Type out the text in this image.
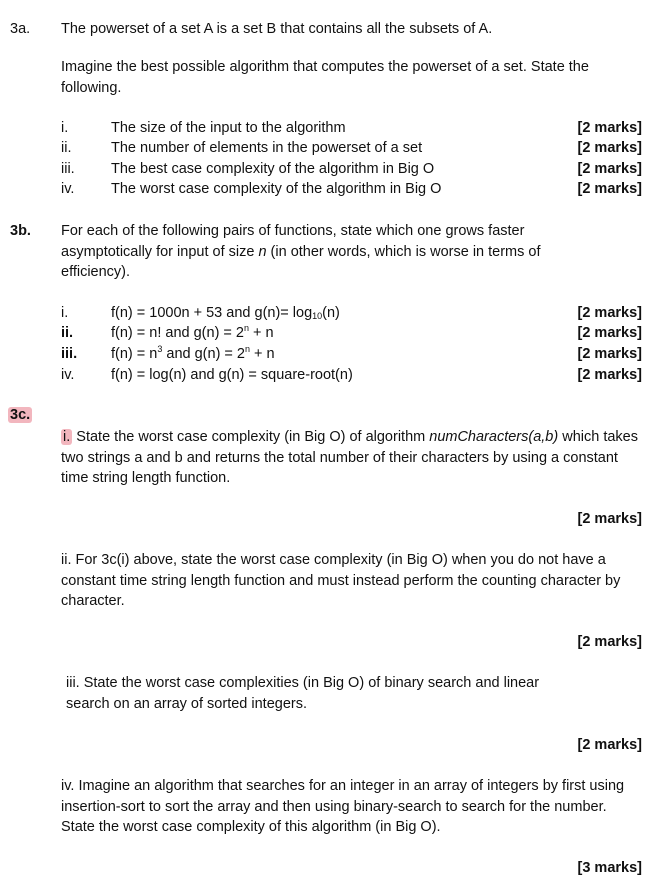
3a. The powerset of a set A is a set B that contains all the subsets of A.
Imagine the best possible algorithm that computes the powerset of a set. State the following.
i.	The size of the input to the algorithm	[2 marks]
ii.	The number of elements in the powerset of a set	[2 marks]
iii.	The best case complexity of the algorithm in Big O	[2 marks]
iv.	The worst case complexity of the algorithm in Big O	[2 marks]
3b. For each of the following pairs of functions, state which one grows faster asymptotically for input of size n (in other words, which is worse in terms of efficiency).
i.	f(n) = 1000n + 53 and $g(n)= \log_{10}(n)$	[2 marks]
ii.	f(n) = n! and $g(n) = 2^n + n$	[2 marks]
iii. $f(n) = n^3$ and $g(n) = 2^n + n$	[2 marks]
iv.	f(n) = log(n) and g(n) = square-root(n)	[2 marks]
3c.
i. State the worst case complexity (in Big O) of algorithm numCharacters(a,b) which takes two strings a and b and returns the total number of their characters by using a constant time string length function.
[2 marks]
ii. For 3c(i) above, state the worst case complexity (in Big O) when you do not have a constant time string length function and must instead perform the counting character by character.
[2 marks]
iii. State the worst case complexities (in Big O) of binary search and linear search on an array of sorted integers.
[2 marks]
iv. Imagine an algorithm that searches for an integer in an array of integers by first using insertion-sort to sort the array and then using binary-search to search for the number. State the worst case complexity of this algorithm (in Big O).
[3 marks]
